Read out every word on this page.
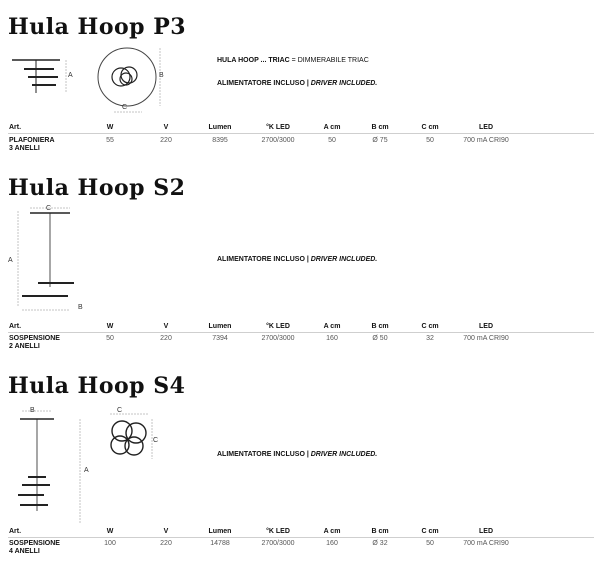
Hula Hoop P3
A	B
C
HULA HOOP ... TRIAC = DIMMERABILE TRIAC
ALIMENTATORE INCLUSO | DRIVER INCLUDED.
Art.	W	V	Lumen	°K LED	A cm	B cm	C cm	LED
PLAFONIERA
3 ANELLI
55	220	8395	2700/3000	50	Ø 75	50	700 mA CRI90
Hula Hoop S2
C
A
B
ALIMENTATORE INCLUSO | DRIVER INCLUDED.
Art.	W	V	Lumen	°K LED	A cm	B cm	C cm	LED
SOSPENSIONE
2 ANELLI
50	220	7394	2700/3000	160	Ø 50	32	700 mA CRI90
Hula Hoop S4
B
A
C
C
ALIMENTATORE INCLUSO | DRIVER INCLUDED.
Art.	W	V	Lumen	°K LED	A cm	B cm	C cm	LED
SOSPENSIONE
4 ANELLI
100	220	14788	2700/3000	160	Ø 32	50	700 mA CRI90
